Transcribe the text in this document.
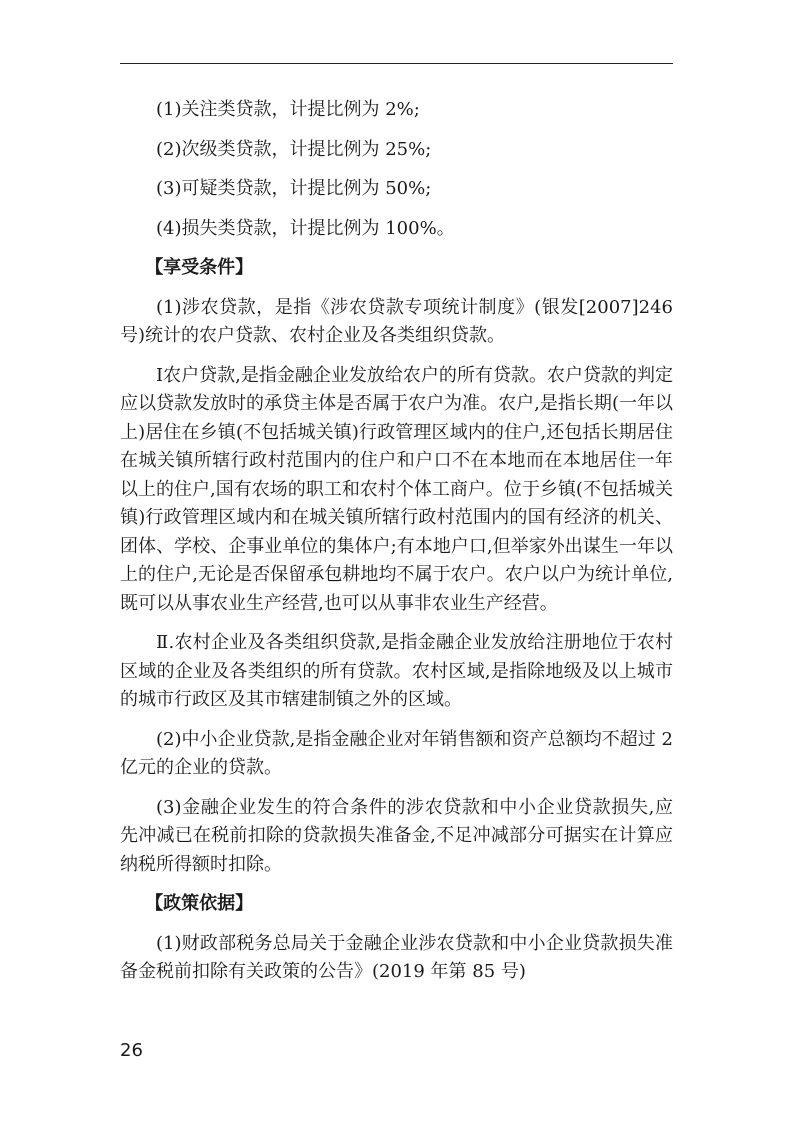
(1)关注类贷款，计提比例为 2%;

(2)次级类贷款，计提比例为 25%;

(3)可疑类贷款，计提比例为 50%;

(4)损失类贷款，计提比例为 100%。

【享受条件】

(1)涉农贷款，是指《涉农贷款专项统计制度》(银发[2007]246 号)统计的农户贷款、农村企业及各类组织贷款。

Ⅰ农户贷款,是指金融企业发放给农户的所有贷款。农户贷款的判定应以贷款发放时的承贷主体是否属于农户为准。农户,是指长期(一年以上)居住在乡镇(不包括城关镇)行政管理区域内的住户,还包括长期居住在城关镇所辖行政村范围内的住户和户口不在本地而在本地居住一年以上的住户,国有农场的职工和农村个体工商户。位于乡镇(不包括城关镇)行政管理区域内和在城关镇所辖行政村范围内的国有经济的机关、团体、学校、企事业单位的集体户;有本地户口,但举家外出谋生一年以上的住户,无论是否保留承包耕地均不属于农户。农户以户为统计单位,既可以从事农业生产经营,也可以从事非农业生产经营。

Ⅱ.农村企业及各类组织贷款,是指金融企业发放给注册地位于农村区域的企业及各类组织的所有贷款。农村区域,是指除地级及以上城市的城市行政区及其市辖建制镇之外的区域。

(2)中小企业贷款,是指金融企业对年销售额和资产总额均不超过 2 亿元的企业的贷款。

(3)金融企业发生的符合条件的涉农贷款和中小企业贷款损失,应先冲减已在税前扣除的贷款损失准备金,不足冲减部分可据实在计算应纳税所得额时扣除。

【政策依据】

(1)财政部税务总局关于金融企业涉农贷款和中小企业贷款损失准备金税前扣除有关政策的公告》(2019 年第 85 号)

26
